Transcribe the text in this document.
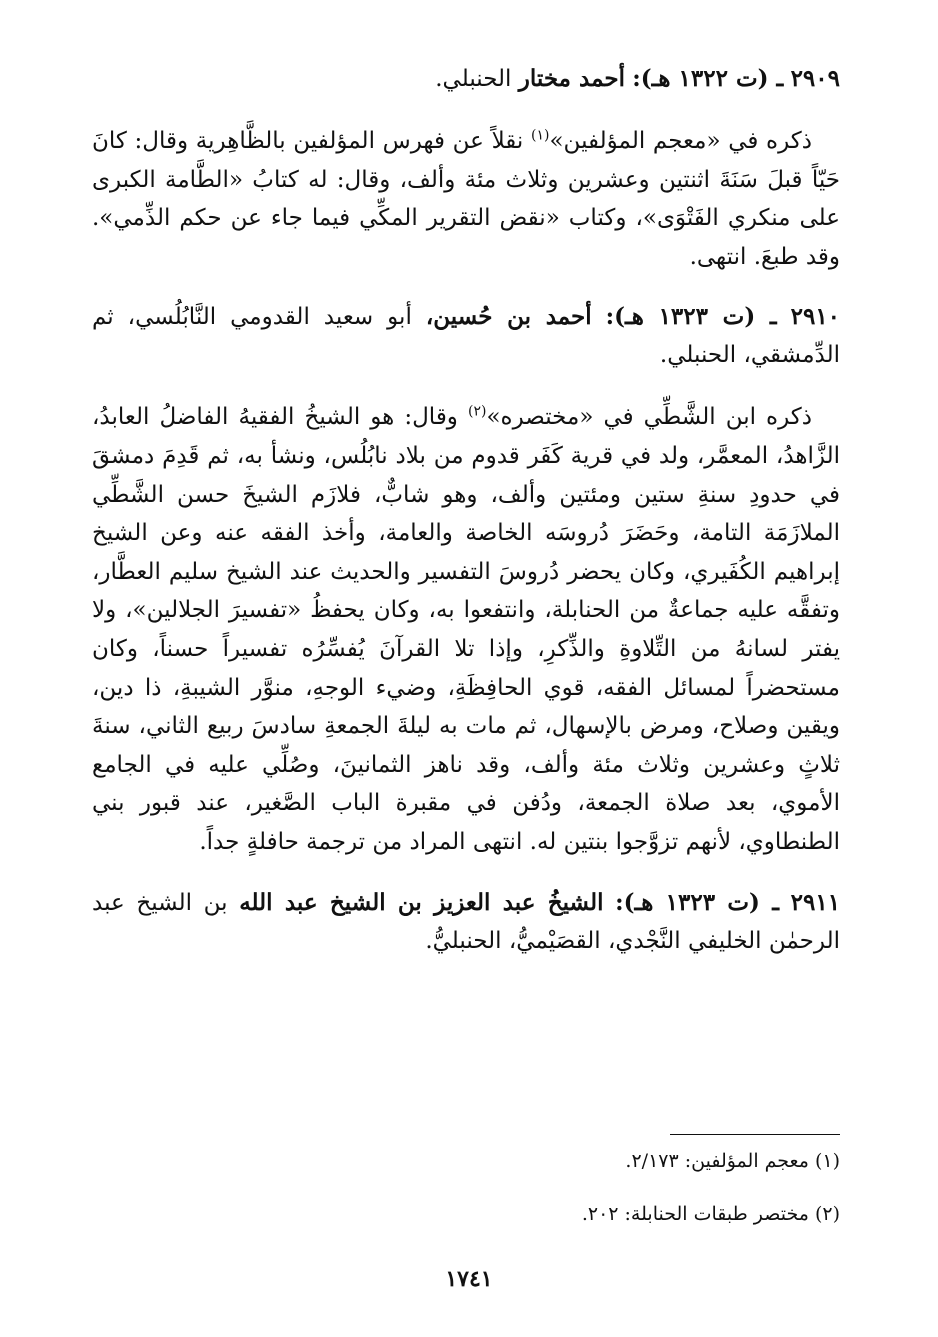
٢٩٠٩ ـ (ت ١٣٢٢ هـ): أحمد مختار الحنبلي.

ذكره في «معجم المؤلفين»$^{(١)}$ نقلاً عن فهرس المؤلفين بالظَّاهِرية وقال: كانَ حَيّاً قبلَ سَنَةَ اثنتين وعشرين وثلاث مئة وألف، وقال: له كتابُ «الطَّامة الكبرى على منكري الفَتْوَى»، وكتاب «نقض التقرير المكِّي فيما جاء عن حكم الذِّمي». وقد طبعَ. انتهى.

٢٩١٠ ـ (ت ١٣٢٣ هـ): أحمد بن حُسين، أبو سعيد القدومي النَّابُلُسي، ثم الدِّمشقي، الحنبلي.

ذكره ابن الشَّطِّي في «مختصره»$^{(٢)}$ وقال: هو الشيخُ الفقيهُ الفاضلُ العابدُ، الزَّاهدُ، المعمَّر، ولد في قرية كَفَر قدوم من بلاد نابُلُس، ونشأ به، ثم قَدِمَ دمشقَ في حدودِ سنةِ ستين ومئتين وألف، وهو شابٌّ، فلازَم الشيخَ حسن الشَّطِّي الملازَمَة التامة، وحَضَرَ دُروسَه الخاصة والعامة، وأخذ الفقه عنه وعن الشيخ إبراهيم الكُفَيري، وكان يحضر دُروسَ التفسير والحديث عند الشيخ سليم العطَّار، وتفقَّه عليه جماعةٌ من الحنابلة، وانتفعوا به، وكان يحفظُ «تفسيرَ الجلالين»، ولا يفتر لسانهُ من التِّلاوةِ والذِّكرِ، وإذا تلا القرآنَ يُفسِّرُه تفسيراً حسناً، وكان مستحضراً لمسائل الفقه، قوي الحافِظَةِ، وضيء الوجهِ، منوَّر الشيبةِ، ذا دين، ويقين وصلاح، ومرض بالإسهال، ثم مات به ليلةَ الجمعةِ سادسَ ربيع الثاني، سنةَ ثلاثٍ وعشرين وثلاث مئة وألف، وقد ناهز الثمانينَ، وصُلِّي عليه في الجامع الأموي، بعد صلاة الجمعة، ودُفن في مقبرة الباب الصَّغير، عند قبور بني الطنطاوي، لأنهم تزوَّجوا بنتين له. انتهى المراد من ترجمة حافلةٍ جداً.

٢٩١١ ـ (ت ١٣٢٣ هـ): الشيخُ عبد العزيز بن الشيخ عبد الله بن الشيخ عبد الرحمٰن الخليفي النَّجْدي، القصَيْميُّ، الحنبليُّ.

(١) معجم المؤلفين: ٢/١٧٣.

(٢) مختصر طبقات الحنابلة: ٢٠٢.

١٧٤١
